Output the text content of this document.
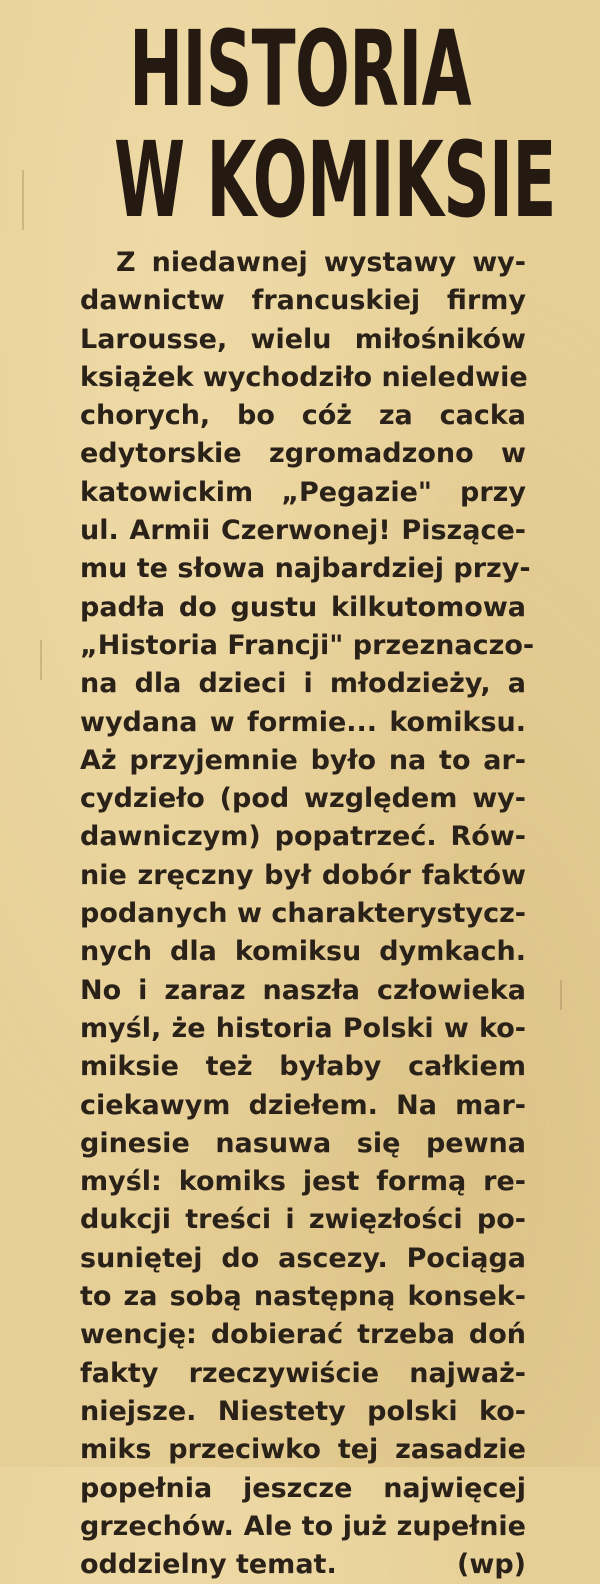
HISTORIA
W KOMIKSIE
Z niedawnej wystawy wy-
dawnictw francuskiej firmy
Larousse, wielu miłośników
książek wychodziło nieledwie
chorych, bo cóż za cacka
edytorskie zgromadzono w
katowickim „Pegazie" przy
ul. Armii Czerwonej! Piszące-
mu te słowa najbardziej przy-
padła do gustu kilkutomowa
„Historia Francji" przeznaczo-
na dla dzieci i młodzieży, a
wydana w formie... komiksu.
Aż przyjemnie było na to ar-
cydzieło (pod względem wy-
dawniczym) popatrzeć. Rów-
nie zręczny był dobór faktów
podanych w charakterystycz-
nych dla komiksu dymkach.
No i zaraz naszła człowieka
myśl, że historia Polski w ko-
miksie też byłaby całkiem
ciekawym dziełem. Na mar-
ginesie nasuwa się pewna
myśl: komiks jest formą re-
dukcji treści i zwięzłości po-
suniętej do ascezy. Pociąga
to za sobą następną konsek-
wencję: dobierać trzeba doń
fakty rzeczywiście najważ-
niejsze. Niestety polski ko-
miks przeciwko tej zasadzie
popełnia jeszcze najwięcej
grzechów. Ale to już zupełnie
oddzielny temat.	(wp)
